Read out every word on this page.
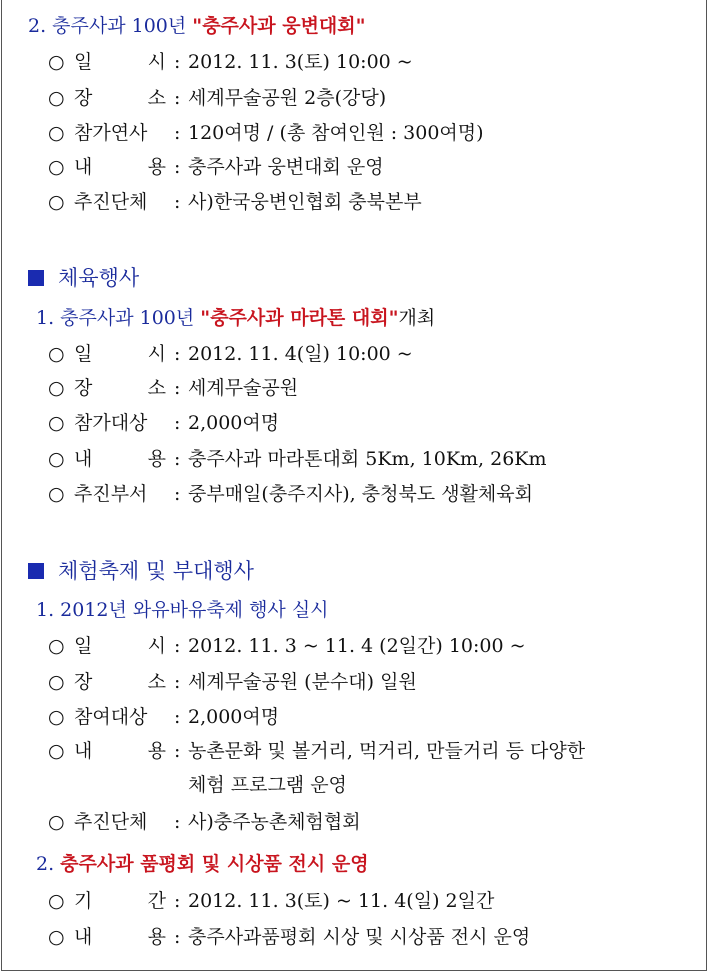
2. 충주사과 100년 "충주사과 웅변대회"
○ 일 시 : 2012. 11. 3(토) 10:00 ~
○ 장 소 : 세계무술공원 2층(강당)
○ 참가연사 : 120여명 / (총 참여인원 : 300여명)
○ 내 용 : 충주사과 웅변대회 운영
○ 추진단체 : 사)한국웅변인협회 충북본부
체육행사
1. 충주사과 100년 "충주사과 마라톤 대회"개최
○ 일 시 : 2012. 11. 4(일) 10:00 ~
○ 장 소 : 세계무술공원
○ 참가대상 : 2,000여명
○ 내 용 : 충주사과 마라톤대회 5Km, 10Km, 26Km
○ 추진부서 : 중부매일(충주지사), 충청북도 생활체육회
체험축제 및 부대행사
1. 2012년 와유바유축제 행사 실시
○ 일 시 : 2012. 11. 3 ~ 11. 4 (2일간) 10:00 ~
○ 장 소 : 세계무술공원 (분수대) 일원
○ 참여대상 : 2,000여명
○ 내 용 : 농촌문화 및 볼거리, 먹거리, 만들거리 등 다양한
체험 프로그램 운영
○ 추진단체 : 사)충주농촌체험협회
2. 충주사과 품평회 및 시상품 전시 운영
○ 기 간 : 2012. 11. 3(토) ~ 11. 4(일) 2일간
○ 내 용 : 충주사과품평회 시상 및 시상품 전시 운영
